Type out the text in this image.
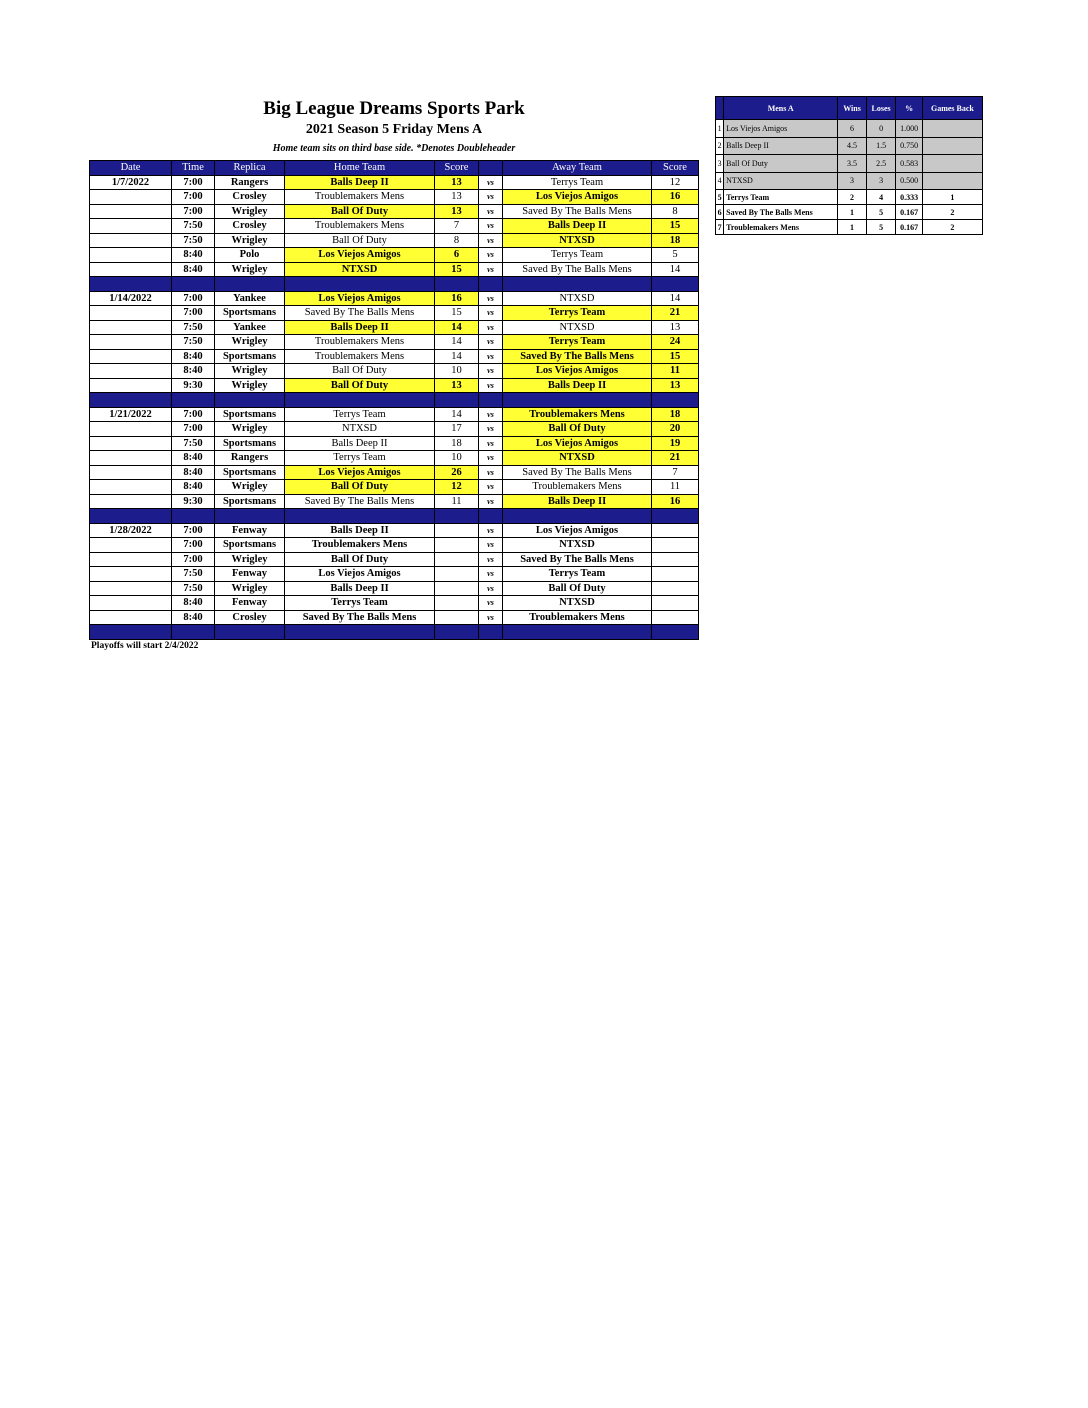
Big League Dreams Sports Park
2021 Season 5 Friday Mens A
Home team sits on third base side. *Denotes Doubleheader
Date	Time	Replica	Home Team	Score		Away Team	Score
1/7/2022	7:00	Rangers	Balls Deep II	13	vs	Terrys Team	12
	7:00	Crosley	Troublemakers Mens	13	vs	Los Viejos Amigos	16
	7:00	Wrigley	Ball Of Duty	13	vs	Saved By The Balls Mens	8
	7:50	Crosley	Troublemakers Mens	7	vs	Balls Deep II	15
	7:50	Wrigley	Ball Of Duty	8	vs	NTXSD	18
	8:40	Polo	Los Viejos Amigos	6	vs	Terrys Team	5
	8:40	Wrigley	NTXSD	15	vs	Saved By The Balls Mens	14

1/14/2022	7:00	Yankee	Los Viejos Amigos	16	vs	NTXSD	14
	7:00	Sportsmans	Saved By The Balls Mens	15	vs	Terrys Team	21
	7:50	Yankee	Balls Deep II	14	vs	NTXSD	13
	7:50	Wrigley	Troublemakers Mens	14	vs	Terrys Team	24
	8:40	Sportsmans	Troublemakers Mens	14	vs	Saved By The Balls Mens	15
	8:40	Wrigley	Ball Of Duty	10	vs	Los Viejos Amigos	11
	9:30	Wrigley	Ball Of Duty	13	vs	Balls Deep II	13

1/21/2022	7:00	Sportsmans	Terrys Team	14	vs	Troublemakers Mens	18
	7:00	Wrigley	NTXSD	17	vs	Ball Of Duty	20
	7:50	Sportsmans	Balls Deep II	18	vs	Los Viejos Amigos	19
	8:40	Rangers	Terrys Team	10	vs	NTXSD	21
	8:40	Sportsmans	Los Viejos Amigos	26	vs	Saved By The Balls Mens	7
	8:40	Wrigley	Ball Of Duty	12	vs	Troublemakers Mens	11
	9:30	Sportsmans	Saved By The Balls Mens	11	vs	Balls Deep II	16

1/28/2022	7:00	Fenway	Balls Deep II		vs	Los Viejos Amigos	
	7:00	Sportsmans	Troublemakers Mens		vs	NTXSD	
	7:00	Wrigley	Ball Of Duty		vs	Saved By The Balls Mens	
	7:50	Fenway	Los Viejos Amigos		vs	Terrys Team	
	7:50	Wrigley	Balls Deep II		vs	Ball Of Duty	
	8:40	Fenway	Terrys Team		vs	NTXSD	
	8:40	Crosley	Saved By The Balls Mens		vs	Troublemakers Mens	

	Mens A	Wins	Loses	%	Games Back
1	Los Viejos Amigos	6	0	1.000	
2	Balls Deep II	4.5	1.5	0.750	
3	Ball Of Duty	3.5	2.5	0.583	
4	NTXSD	3	3	0.500	
5	Terrys Team	2	4	0.333	1
6	Saved By The Balls Mens	1	5	0.167	2
7	Troublemakers Mens	1	5	0.167	2
Playoffs will start 2/4/2022
